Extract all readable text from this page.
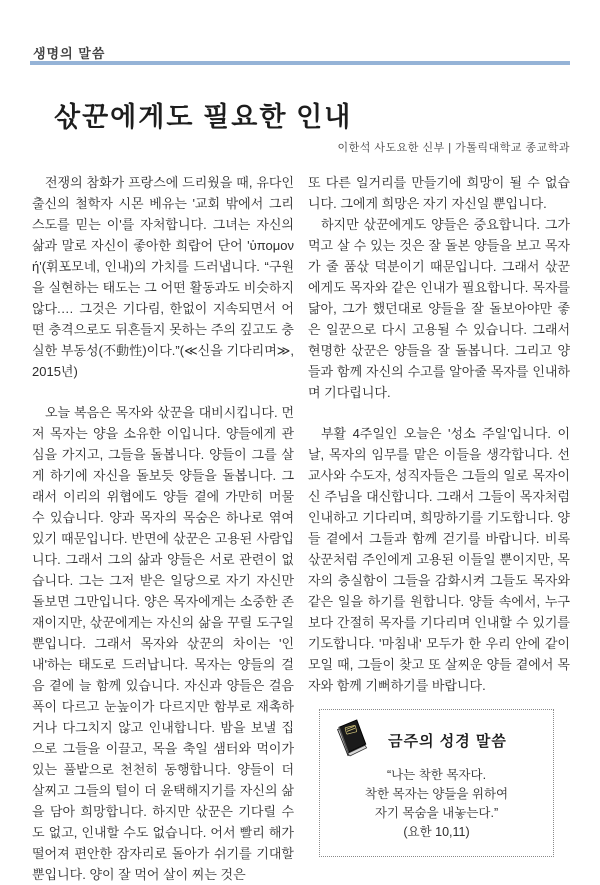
생명의 말씀
삯꾼에게도 필요한 인내
이한석 사도요한 신부 | 가톨릭대학교 종교학과

전쟁의 참화가 프랑스에 드리웠을 때, 유다인 출신의 철학자 시몬 베유는 '교회 밖에서 그리스도를 믿는 이'를 자처합니다. 그녀는 자신의 삶과 말로 자신이 좋아한 희랍어 단어 'ὑπομονή'(휘포모네, 인내)의 가치를 드러냅니다. “구원을 실현하는 태도는 그 어떤 활동과도 비슷하지 않다.… 그것은 기다림, 한없이 지속되면서 어떤 충격으로도 뒤흔들지 못하는 주의 깊고도 충실한 부동성(不動性)이다.”(≪신을 기다리며≫, 2015년)

오늘 복음은 목자와 삯꾼을 대비시킵니다. 먼저 목자는 양을 소유한 이입니다. 양들에게 관심을 가지고, 그들을 돌봅니다. 양들이 그를 살게 하기에 자신을 돌보듯 양들을 돌봅니다. 그래서 이리의 위협에도 양들 곁에 가만히 머물 수 있습니다. 양과 목자의 목숨은 하나로 엮여 있기 때문입니다. 반면에 삯꾼은 고용된 사람입니다. 그래서 그의 삶과 양들은 서로 관련이 없습니다. 그는 그저 받은 일당으로 자기 자신만 돌보면 그만입니다. 양은 목자에게는 소중한 존재이지만, 삯꾼에게는 자신의 삶을 꾸릴 도구일 뿐입니다. 그래서 목자와 삯꾼의 차이는 '인내'하는 태도로 드러납니다. 목자는 양들의 걸음 곁에 늘 함께 있습니다. 자신과 양들은 걸음 폭이 다르고 눈높이가 다르지만 함부로 재촉하거나 다그치지 않고 인내합니다. 밤을 보낼 집으로 그들을 이끌고, 목을 축일 샘터와 먹이가 있는 풀밭으로 천천히 동행합니다. 양들이 더 살찌고 그들의 털이 더 윤택해지기를 자신의 삶을 담아 희망합니다. 하지만 삯꾼은 기다릴 수도 없고, 인내할 수도 없습니다. 어서 빨리 해가 떨어져 편안한 잠자리로 돌아가 쉬기를 기대할 뿐입니다. 양이 잘 먹어 살이 찌는 것은

또 다른 일거리를 만들기에 희망이 될 수 없습니다. 그에게 희망은 자기 자신일 뿐입니다.

하지만 삯꾼에게도 양들은 중요합니다. 그가 먹고 살 수 있는 것은 잘 돌본 양들을 보고 목자가 줄 품삯 덕분이기 때문입니다. 그래서 삯꾼에게도 목자와 같은 인내가 필요합니다. 목자를 닮아, 그가 했던대로 양들을 잘 돌보아야만 좋은 일꾼으로 다시 고용될 수 있습니다. 그래서 현명한 삯꾼은 양들을 잘 돌봅니다. 그리고 양들과 함께 자신의 수고를 알아줄 목자를 인내하며 기다립니다.

부활 4주일인 오늘은 '성소 주일'입니다. 이날, 목자의 임무를 맡은 이들을 생각합니다. 선교사와 수도자, 성직자들은 그들의 일로 목자이신 주님을 대신합니다. 그래서 그들이 목자처럼 인내하고 기다리며, 희망하기를 기도합니다. 양들 곁에서 그들과 함께 걷기를 바랍니다. 비록 삯꾼처럼 주인에게 고용된 이들일 뿐이지만, 목자의 충실함이 그들을 감화시켜 그들도 목자와 같은 일을 하기를 원합니다. 양들 속에서, 누구보다 간절히 목자를 기다리며 인내할 수 있기를 기도합니다. '마침내' 모두가 한 우리 안에 같이 모일 때, 그들이 찾고 또 살찌운 양들 곁에서 목자와 함께 기뻐하기를 바랍니다.

금주의 성경 말씀
“나는 착한 목자다.
착한 목자는 양들을 위하여
자기 목숨을 내놓는다.”
(요한 10,11)
